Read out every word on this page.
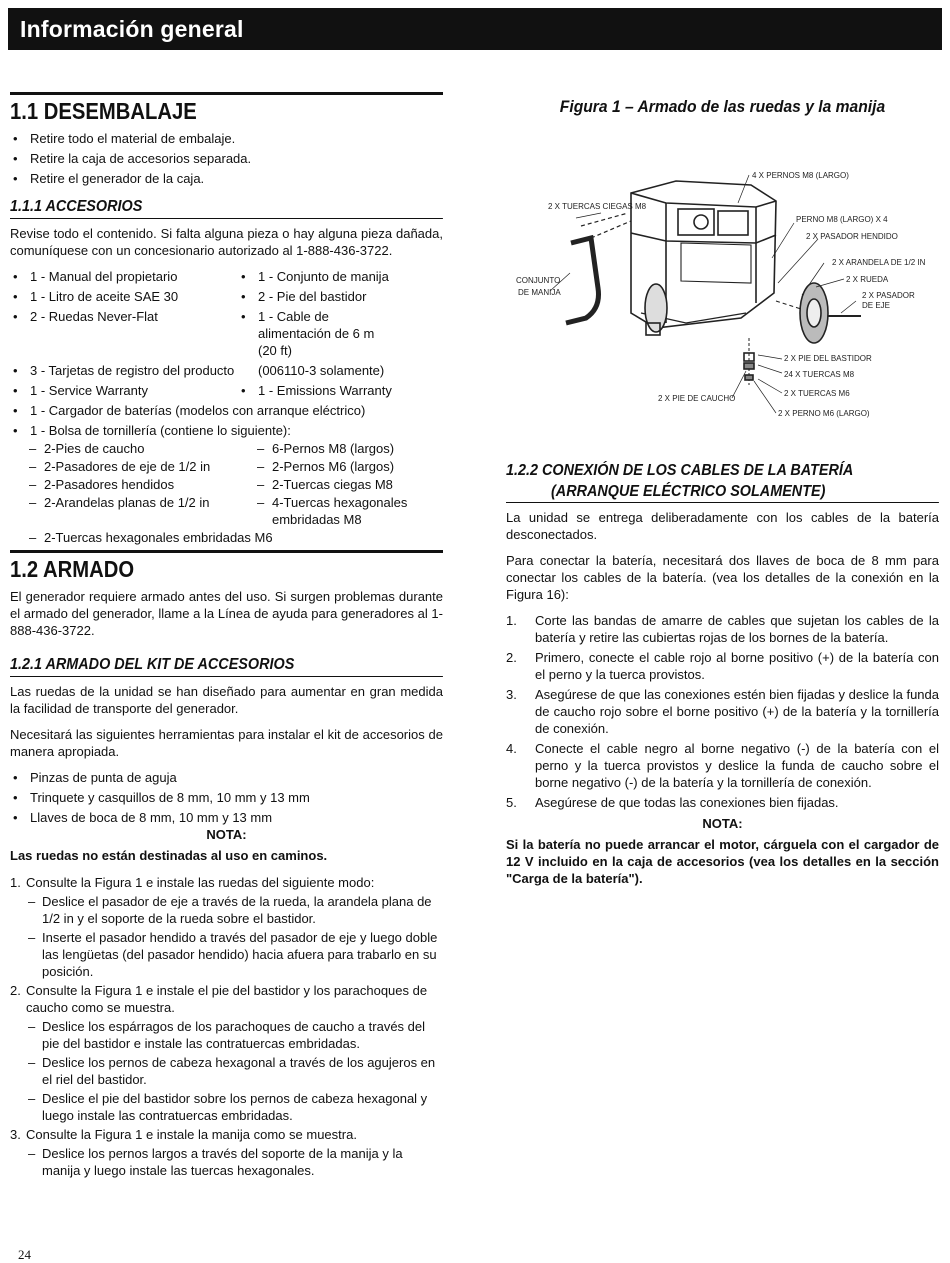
Información general
1.1 DESEMBALAJE
• Retire todo el material de embalaje.
• Retire la caja de accesorios separada.
• Retire el generador de la caja.
1.1.1 ACCESORIOS

Revise todo el contenido. Si falta alguna pieza o hay alguna pieza dañada, comuníquese con un concesionario autorizado al 1-888-436-3722.

• 1 - Manual del propietario	• 1 - Conjunto de manija
• 1 - Litro de aceite SAE 30	• 2 - Pie del bastidor
• 2 - Ruedas Never-Flat	• 1 - Cable de alimentación de 6 m (20 ft)
• 3 - Tarjetas de registro del producto	(006110-3 solamente)
• 1 - Service Warranty	• 1 - Emissions Warranty
• 1 - Cargador de baterías (modelos con arranque eléctrico)
• 1 - Bolsa de tornillería (contiene lo siguiente):
– 2-Pies de caucho	– 6-Pernos M8 (largos)
– 2-Pasadores de eje de 1/2 in	– 2-Pernos M6 (largos)
– 2-Pasadores hendidos	– 2-Tuercas ciegas M8
– 2-Arandelas planas de 1/2 in	– 4-Tuercas hexagonales embridadas M8
– 2-Tuercas hexagonales embridadas M6
1.2 ARMADO

El generador requiere armado antes del uso. Si surgen problemas durante el armado del generador, llame a la Línea de ayuda para generadores al 1-888-436-3722.

1.2.1 ARMADO DEL KIT DE ACCESORIOS

Las ruedas de la unidad se han diseñado para aumentar en gran medida la facilidad de transporte del generador.

Necesitará las siguientes herramientas para instalar el kit de accesorios de manera apropiada.

• Pinzas de punta de aguja
• Trinquete y casquillos de 8 mm, 10 mm y 13 mm
• Llaves de boca de 8 mm, 10 mm y 13 mm
NOTA:

Las ruedas no están destinadas al uso en caminos.

1. Consulte la Figura 1 e instale las ruedas del siguiente modo:
– Deslice el pasador de eje a través de la rueda, la arandela plana de 1/2 in y el soporte de la rueda sobre el bastidor.
– Inserte el pasador hendido a través del pasador de eje y luego doble las lengüetas (del pasador hendido) hacia afuera para trabarlo en su posición.
2. Consulte la Figura 1 e instale el pie del bastidor y los parachoques de caucho como se muestra.
– Deslice los espárragos de los parachoques de caucho a través del pie del bastidor e instale las contratuercas embridadas.
– Deslice los pernos de cabeza hexagonal a través de los agujeros en el riel del bastidor.
– Deslice el pie del bastidor sobre los pernos de cabeza hexagonal y luego instale las contratuercas embridadas.
3. Consulte la Figura 1 e instale la manija como se muestra.
– Deslice los pernos largos a través del soporte de la manija y la manija y luego instale las tuercas hexagonales.
Figura 1 – Armado de las ruedas y la manija
4 X PERNOS M8 (LARGO)
2 X TUERCAS CIEGAS M8
PERNO M8 (LARGO) X 4
2 X PASADOR HENDIDO
2 X ARANDELA DE 1/2 IN
2 X RUEDA
2 X PASADOR
DE EJE
CONJUNTO
DE MANIJA
2 X PIE DEL BASTIDOR
24 X TUERCAS M8
2 X PIE DE CAUCHO
2 X TUERCAS M6
2 X PERNO M6 (LARGO)
1.2.2 CONEXIÓN DE LOS CABLES DE LA BATERÍA
(ARRANQUE ELÉCTRICO SOLAMENTE)

La unidad se entrega deliberadamente con los cables de la batería desconectados.

Para conectar la batería, necesitará dos llaves de boca de 8 mm para conectar los cables de la batería. (vea los detalles de la conexión en la Figura 16):

1. Corte las bandas de amarre de cables que sujetan los cables de la batería y retire las cubiertas rojas de los bornes de la batería.
2. Primero, conecte el cable rojo al borne positivo (+) de la batería con el perno y la tuerca provistos.
3. Asegúrese de que las conexiones estén bien fijadas y deslice la funda de caucho rojo sobre el borne positivo (+) de la batería y la tornillería de conexión.
4. Conecte el cable negro al borne negativo (-) de la batería con el perno y la tuerca provistos y deslice la funda de caucho sobre el borne negativo (-) de la batería y la tornillería de conexión.
5. Asegúrese de que todas las conexiones bien fijadas.
NOTA:

Si la batería no puede arrancar el motor, cárguela con el cargador de 12 V incluido en la caja de accesorios (vea los detalles en la sección "Carga de la batería").

24
